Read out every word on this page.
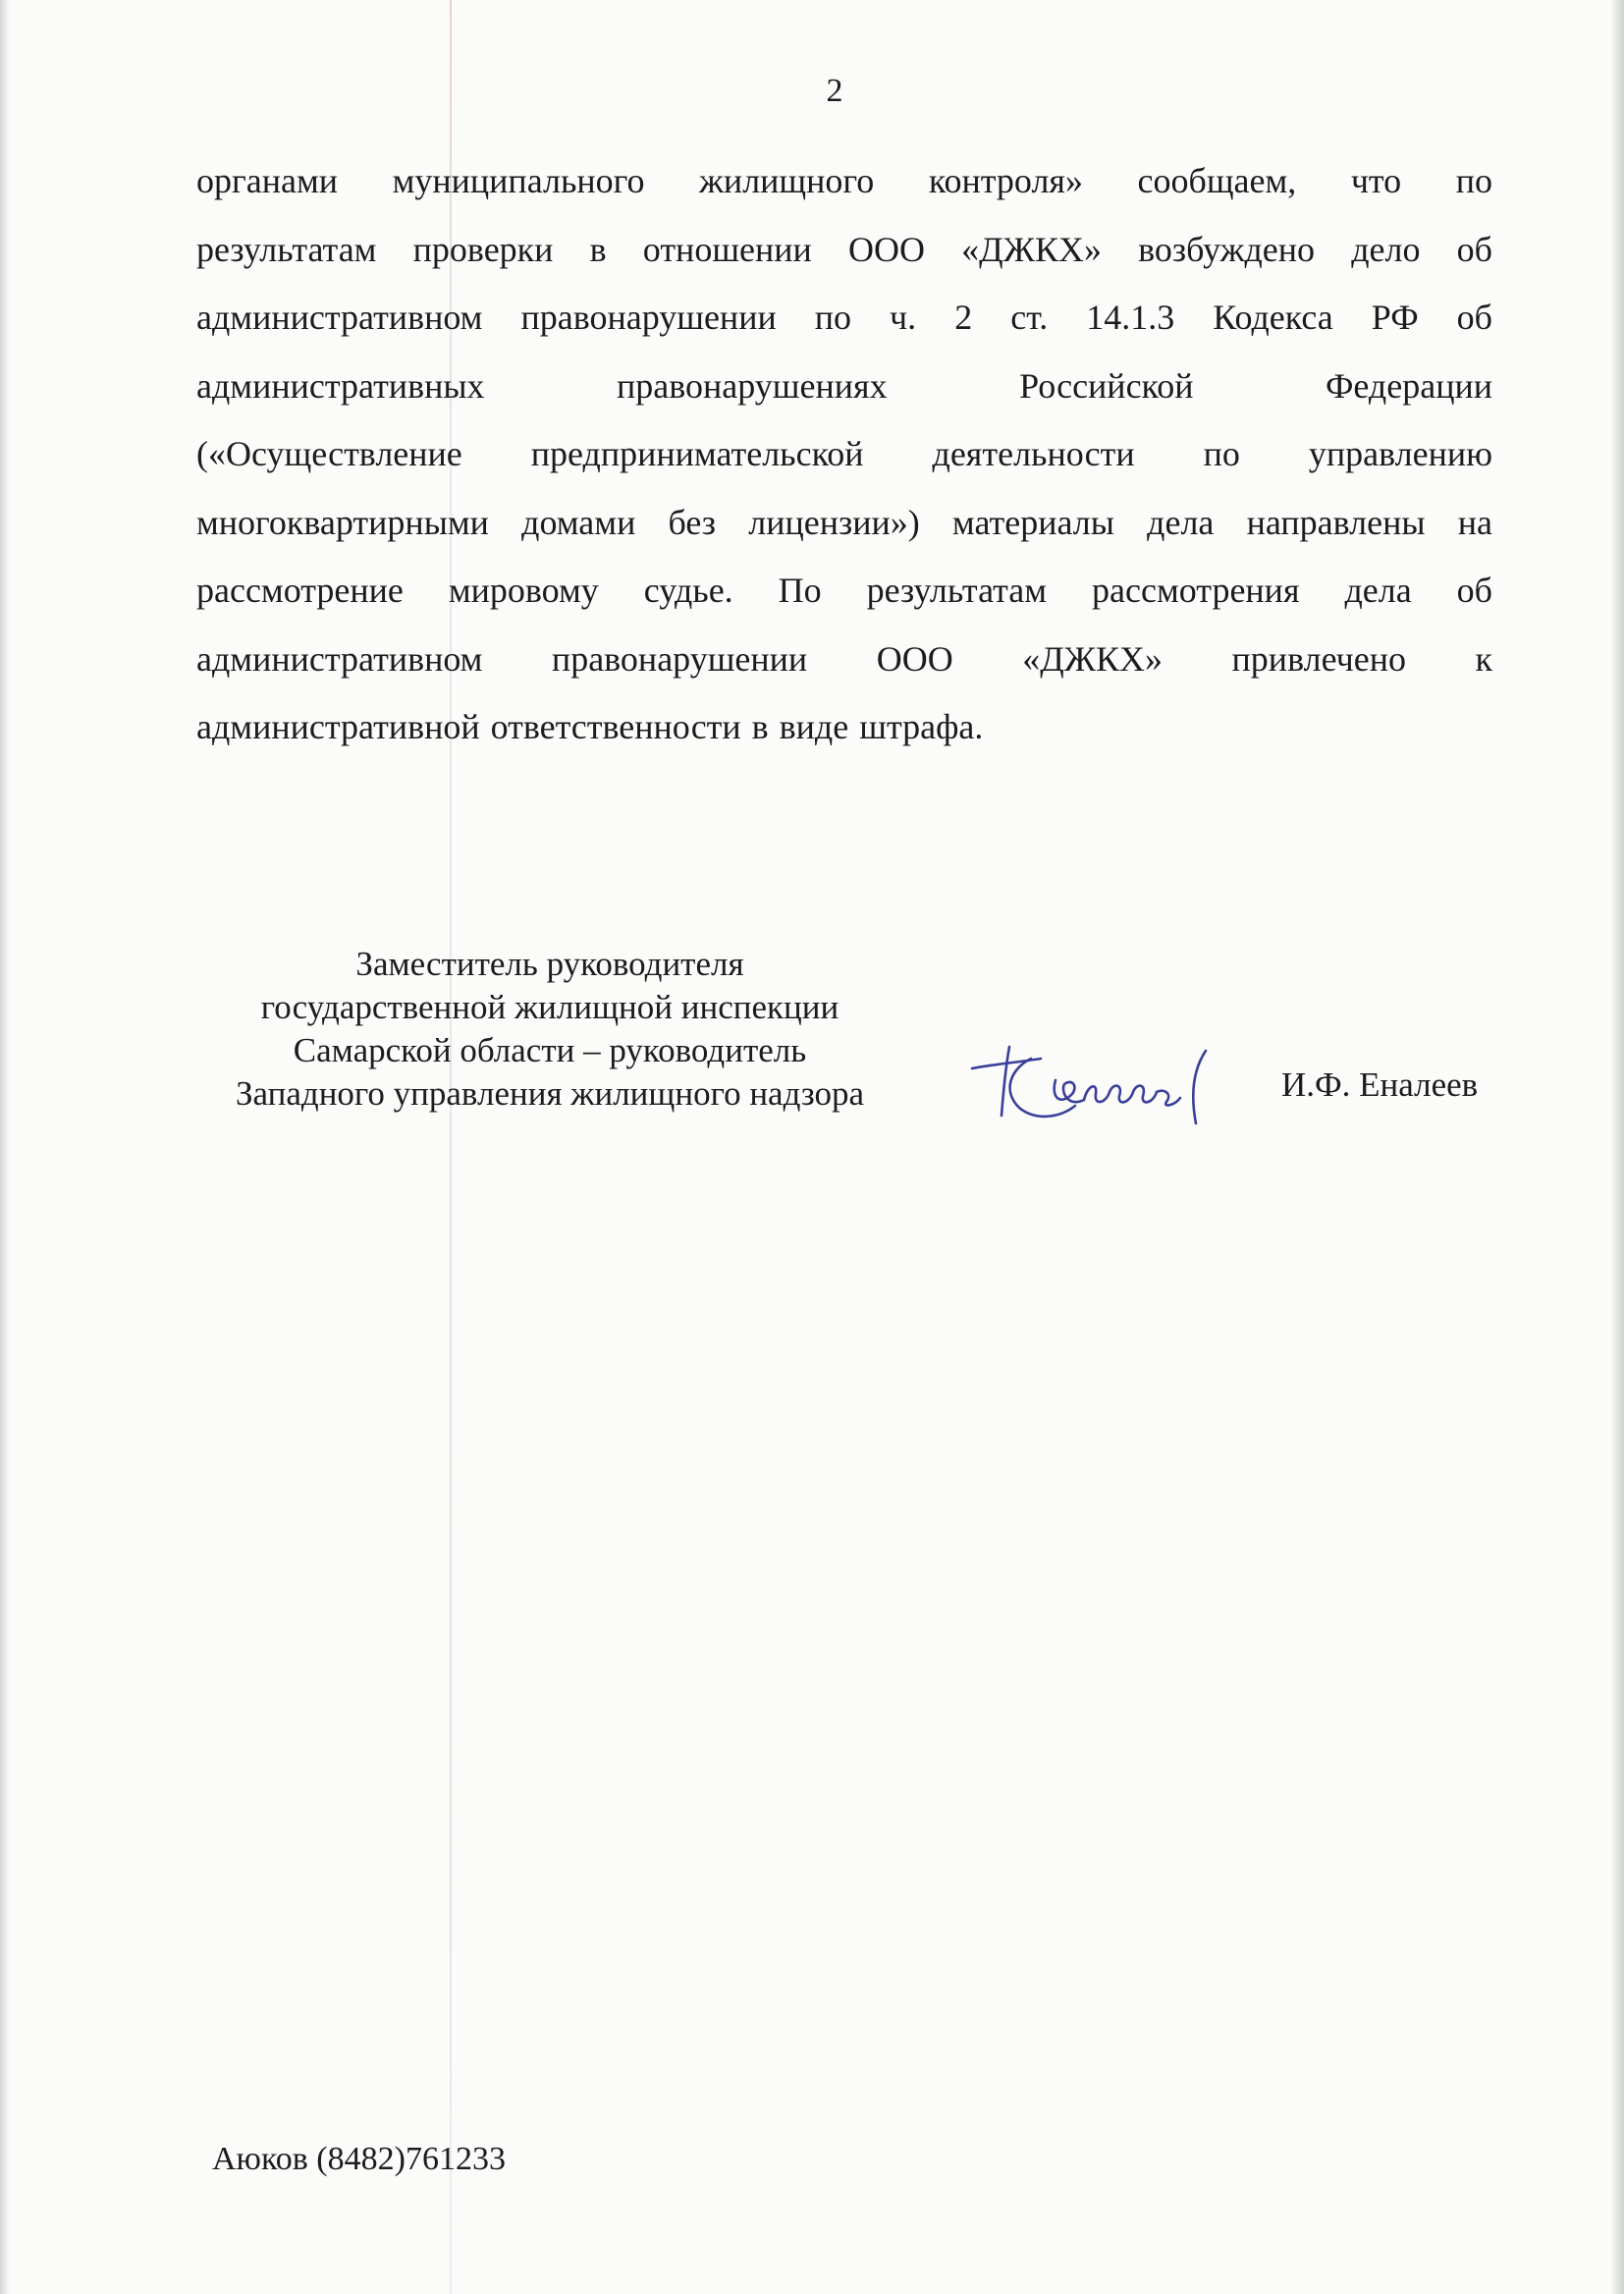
2
органами муниципального жилищного контроля» сообщаем, что по
результатам проверки в отношении ООО «ДЖКХ» возбуждено дело об
административном правонарушении по ч. 2 ст. 14.1.3 Кодекса РФ об
административных правонарушениях Российской Федерации
(«Осуществление предпринимательской деятельности по управлению
многоквартирными домами без лицензии») материалы дела направлены на
рассмотрение мировому судье. По результатам рассмотрения дела об
административном правонарушении ООО «ДЖКХ» привлечено к
административной ответственности в виде штрафа.
Заместитель руководителя
государственной жилищной инспекции
Самарской области – руководитель
Западного управления жилищного надзора	И.Ф. Еналеев
Аюков (8482)761233
